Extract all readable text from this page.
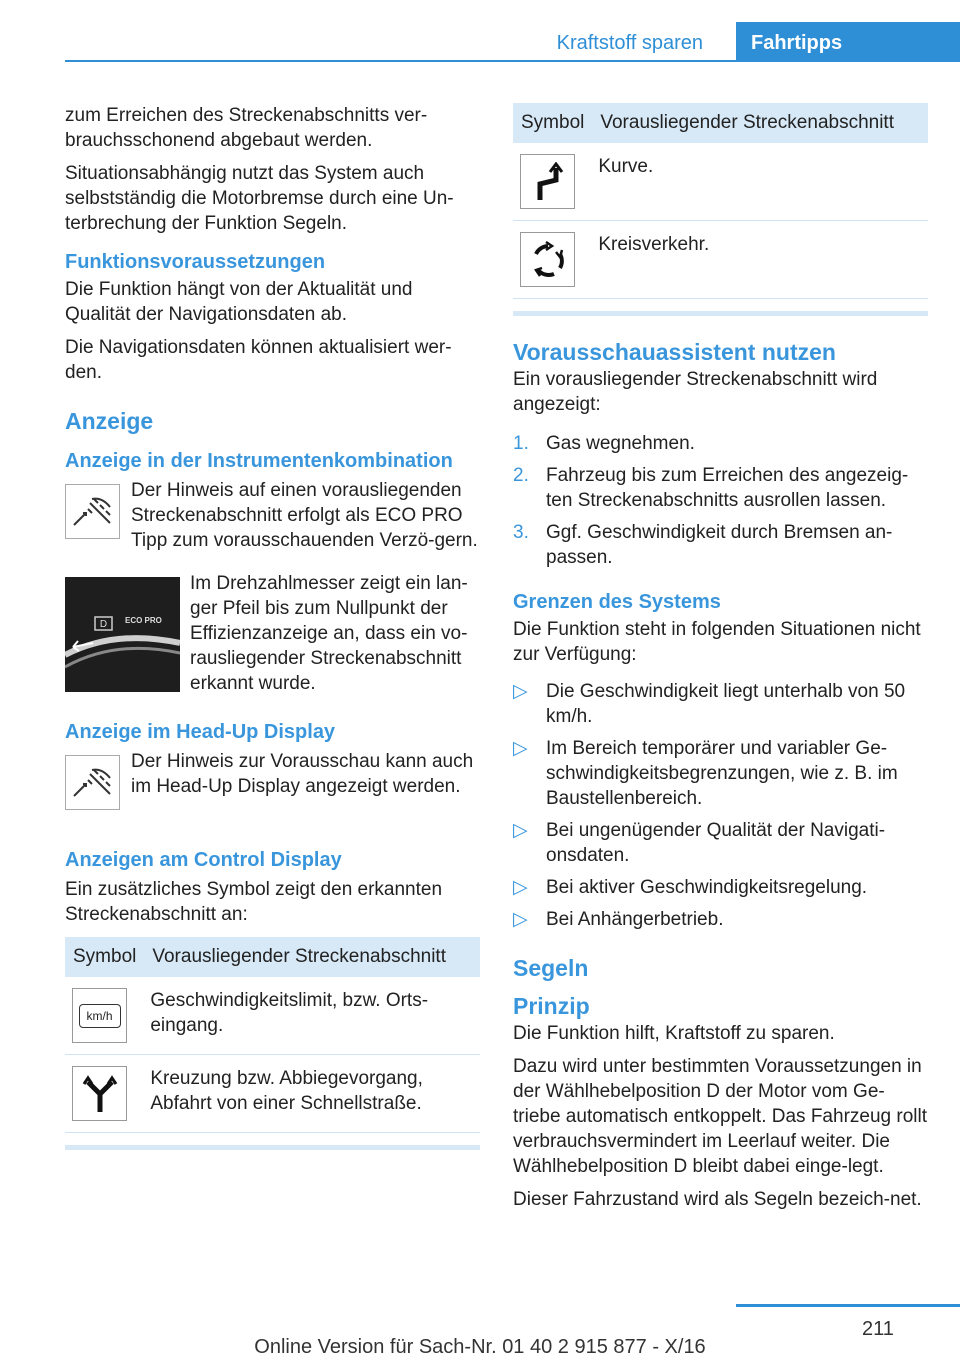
Kraftstoff sparen	Fahrtipps

zum Erreichen des Streckenabschnitts ver-brauchsschonend abgebaut werden.

Situationsabhängig nutzt das System auch selbstständig die Motorbremse durch eine Un-terbrechung der Funktion Segeln.

Funktionsvoraussetzungen

Die Funktion hängt von der Aktualität und Qualität der Navigationsdaten ab.

Die Navigationsdaten können aktualisiert wer-den.

Anzeige
Anzeige in der Instrumentenkombination

Der Hinweis auf einen vorausliegenden Streckenabschnitt erfolgt als ECO PRO Tipp zum vorausschauenden Verzö-gern.

D ECO PRO

Im Drehzahlmesser zeigt ein lan-ger Pfeil bis zum Nullpunkt der Effizienzanzeige an, dass ein vo-rausliegender Streckenabschnitt erkannt wurde.

Anzeige im Head-Up Display

Der Hinweis zur Vorausschau kann auch im Head-Up Display angezeigt werden.

Anzeigen am Control Display

Ein zusätzliches Symbol zeigt den erkannten Streckenabschnitt an:

Symbol	Vorausliegender Streckenabschnitt

km/h	Geschwindigkeitslimit, bzw. Orts-eingang.

	Kreuzung bzw. Abbiegevorgang, Abfahrt von einer Schnellstraße.
Symbol	Vorausliegender Streckenabschnitt

	Kurve.

	Kreisverkehr.
Vorausschauassistent nutzen

Ein vorausliegender Streckenabschnitt wird angezeigt:

1. Gas wegnehmen.
2. Fahrzeug bis zum Erreichen des angezeig-ten Streckenabschnitts ausrollen lassen.
3. Ggf. Geschwindigkeit durch Bremsen an-passen.
Grenzen des Systems

Die Funktion steht in folgenden Situationen nicht zur Verfügung:

▷ Die Geschwindigkeit liegt unterhalb von 50 km/h.
▷ Im Bereich temporärer und variabler Ge-schwindigkeitsbegrenzungen, wie z. B. im Baustellenbereich.
▷ Bei ungenügender Qualität der Navigati-onsdaten.
▷ Bei aktiver Geschwindigkeitsregelung.
▷ Bei Anhängerbetrieb.
Segeln
Prinzip

Die Funktion hilft, Kraftstoff zu sparen.

Dazu wird unter bestimmten Voraussetzungen in der Wählhebelposition D der Motor vom Ge-triebe automatisch entkoppelt. Das Fahrzeug rollt verbrauchsvermindert im Leerlauf weiter. Die Wählhebelposition D bleibt dabei einge-legt.

Dieser Fahrzustand wird als Segeln bezeich-net.

211
Online Version für Sach-Nr. 01 40 2 915 877 - X/16
